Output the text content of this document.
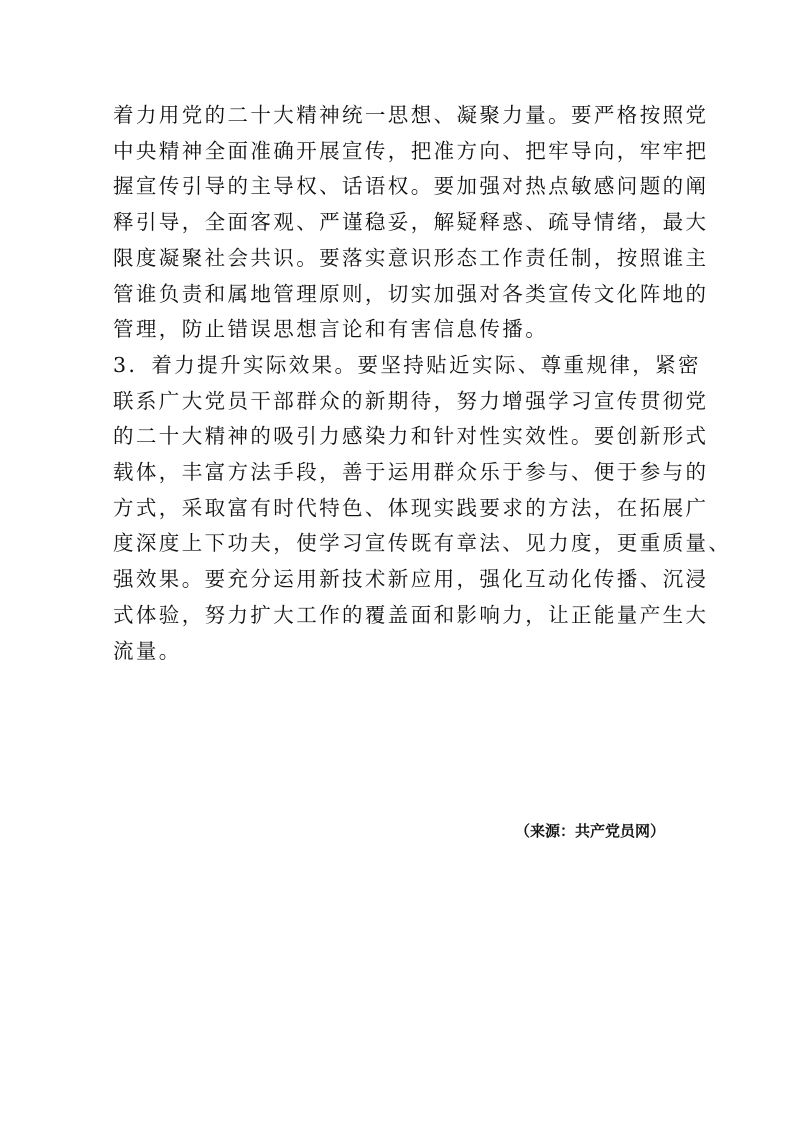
着力用党的二十大精神统一思想、凝聚力量。要严格按照党
中央精神全面准确开展宣传，把准方向、把牢导向，牢牢把
握宣传引导的主导权、话语权。要加强对热点敏感问题的阐
释引导，全面客观、严谨稳妥，解疑释惑、疏导情绪，最大
限度凝聚社会共识。要落实意识形态工作责任制，按照谁主
管谁负责和属地管理原则，切实加强对各类宣传文化阵地的
管理，防止错误思想言论和有害信息传播。
3．着力提升实际效果。要坚持贴近实际、尊重规律，紧密
联系广大党员干部群众的新期待，努力增强学习宣传贯彻党
的二十大精神的吸引力感染力和针对性实效性。要创新形式
载体，丰富方法手段，善于运用群众乐于参与、便于参与的
方式，采取富有时代特色、体现实践要求的方法，在拓展广
度深度上下功夫，使学习宣传既有章法、见力度，更重质量、
强效果。要充分运用新技术新应用，强化互动化传播、沉浸
式体验，努力扩大工作的覆盖面和影响力，让正能量产生大
流量。

（来源：共产党员网）
